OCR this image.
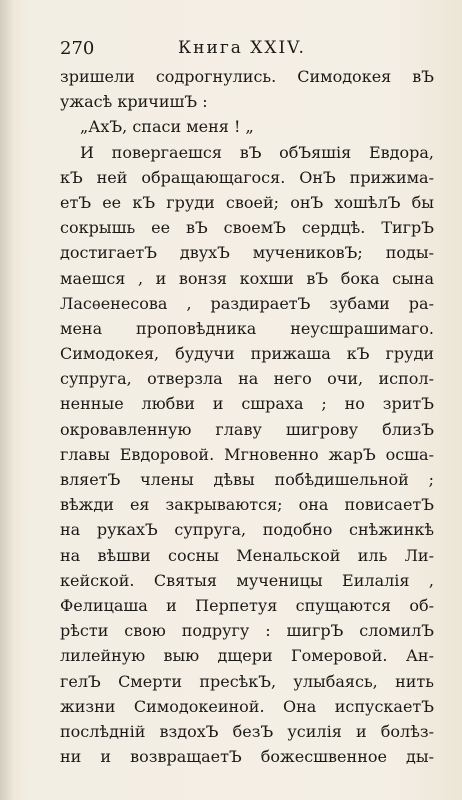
270	Книга XXIV.
зришели содрогнулись. Симодокея вЪ
ужасѣ кричишЪ :
„АхЪ, спаси меня ! „
И повергаешся вЪ обЪяшія Евдора,
кЪ ней обращающагося. ОнЪ прижима-
етЪ ее кЪ груди своей; онЪ хошѣлЪ бы
сокрышь ее вЪ своемЪ сердцѣ. ТигрЪ
достигаетЪ двухЪ мучениковЪ; поды-
маешся , и вонзя кохши вЪ бока сына
Ласѳенесова , раздираетЪ зубами ра-
мена проповѣдника неусшрашимаго.
Симодокея, будучи прижаша кЪ груди
супруга, отверзла на него очи, испол-
ненные любви и сшраха ; но зритЪ
окровавленную главу шигрову близЪ
главы Евдоровой. Мгновенно жарЪ осша-
вляетЪ члены дѣвы побѣдишельной ;
вѣжди ея закрываются; она повисаетЪ
на рукахЪ супруга, подобно снѣжинкѣ
на вѣшви сосны Менальской иль Ли-
кейской. Святыя мученицы Еилалія ,
Фелицаша и Перпетуя спущаются об-
рѣсти свою подругу : шигрЪ сломилЪ
лилейную выю дщери Гомеровой. Ан-
гелЪ Смерти пресѣкЪ, улыбаясь, нить
жизни Симодокеиной. Она испускаетЪ
послѣдній вздохЪ безЪ усилія и болѣз-
ни и возвращаетЪ божесшвенное ды-
